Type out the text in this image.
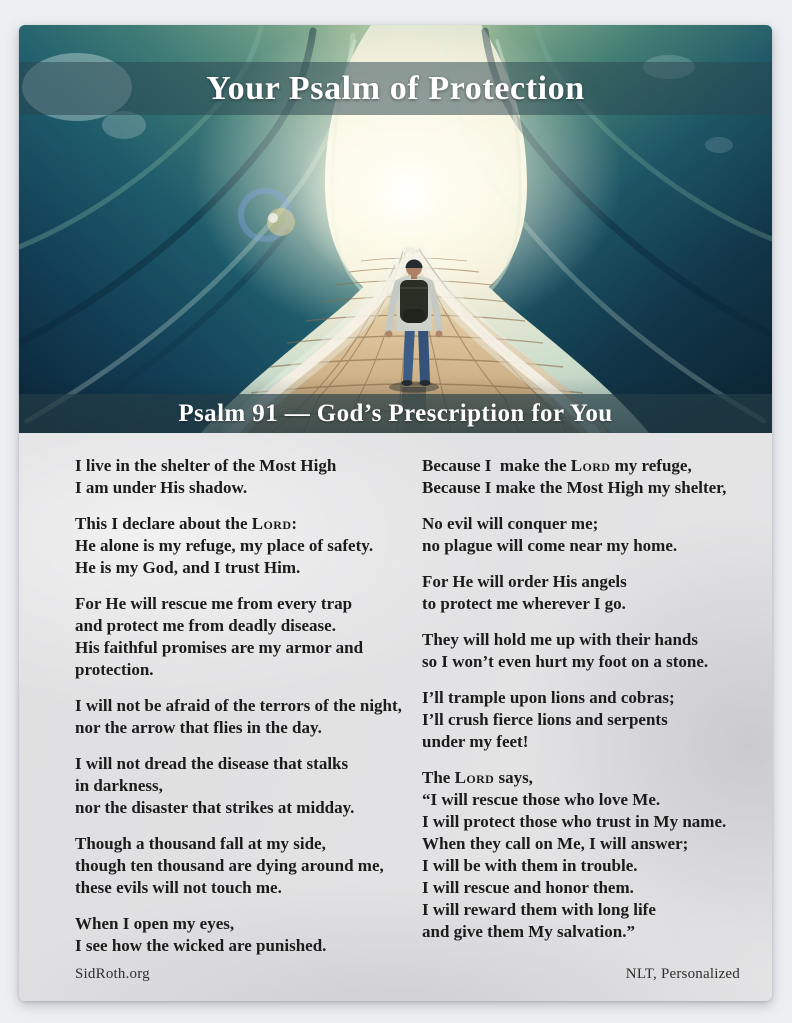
Your Psalm of Protection
Psalm 91 — God’s Prescription for You
I live in the shelter of the Most High
I am under His shadow.
This I declare about the Lord:
He alone is my refuge, my place of safety.
He is my God, and I trust Him.
For He will rescue me from every trap
and protect me from deadly disease.
His faithful promises are my armor and
protection.
I will not be afraid of the terrors of the night,
nor the arrow that flies in the day.
I will not dread the disease that stalks
in darkness,
nor the disaster that strikes at midday.
Though a thousand fall at my side,
though ten thousand are dying around me,
these evils will not touch me.
When I open my eyes,
I see how the wicked are punished.
Because I  make the Lord my refuge,
Because I make the Most High my shelter,
No evil will conquer me;
no plague will come near my home.
For He will order His angels
to protect me wherever I go.
They will hold me up with their hands
so I won’t even hurt my foot on a stone.
I’ll trample upon lions and cobras;
I’ll crush fierce lions and serpents
under my feet!
The Lord says,
“I will rescue those who love Me.
I will protect those who trust in My name.
When they call on Me, I will answer;
I will be with them in trouble.
I will rescue and honor them.
I will reward them with long life
and give them My salvation.”
SidRoth.org	NLT, Personalized
